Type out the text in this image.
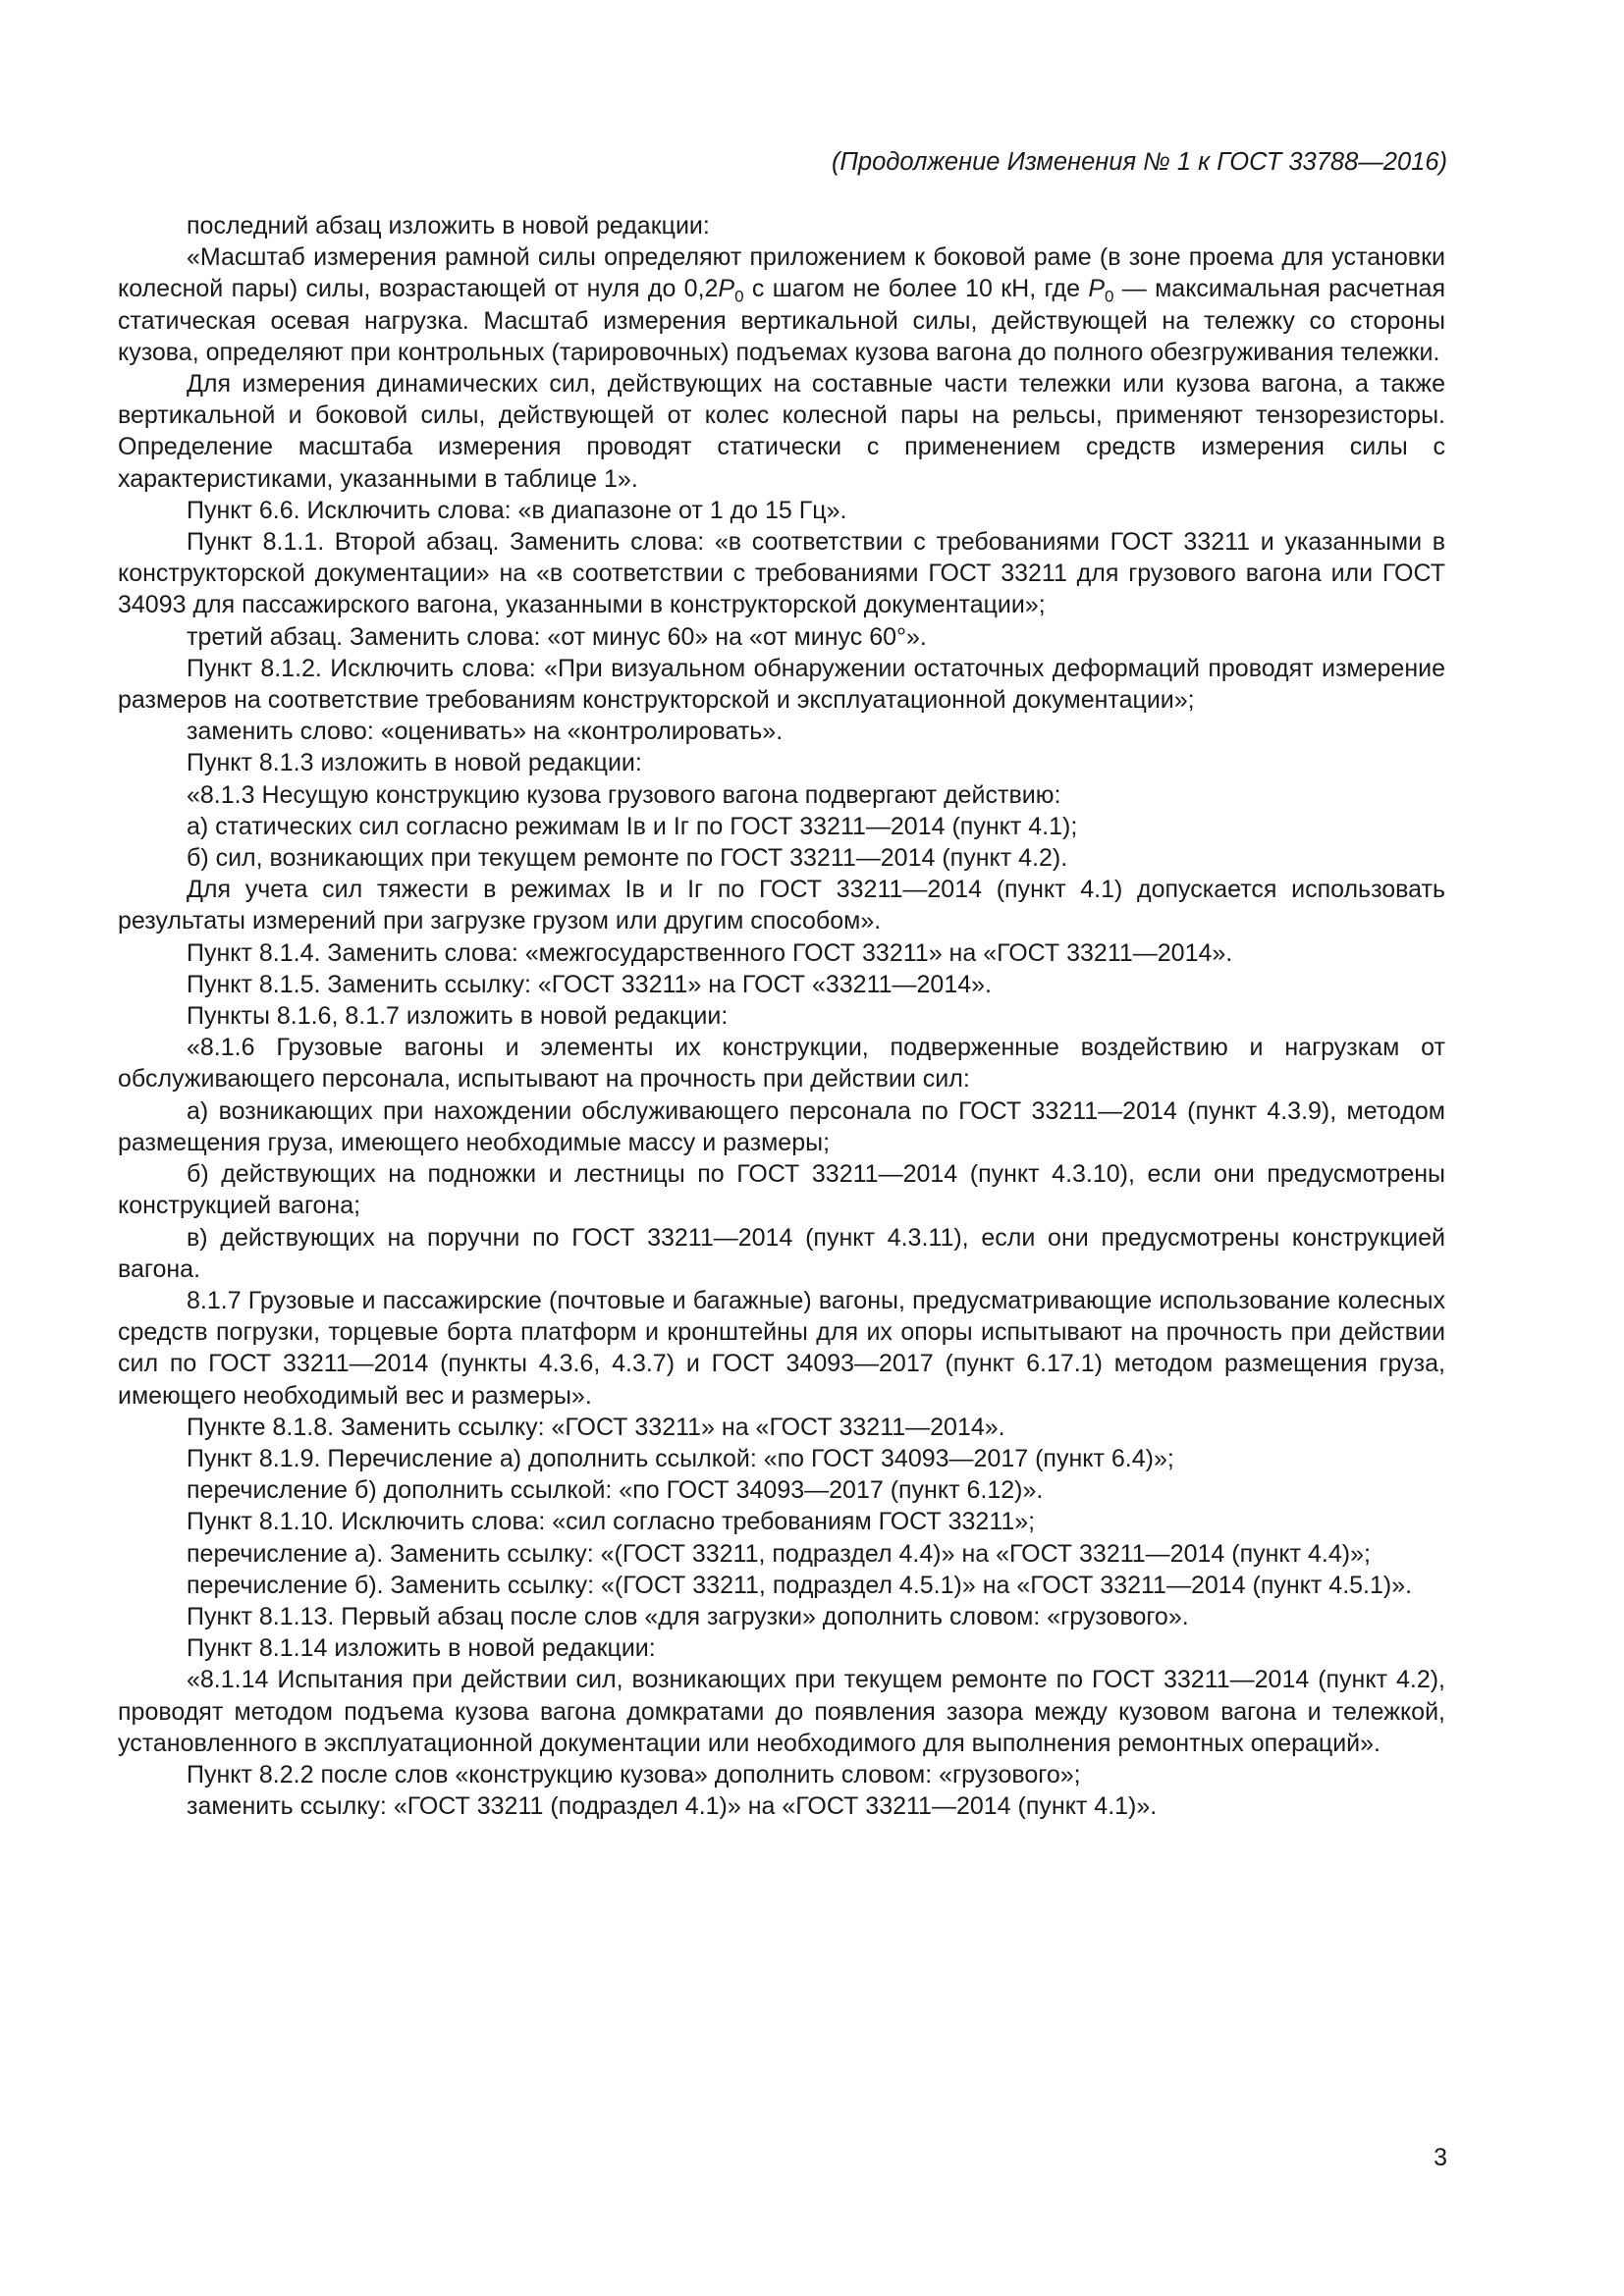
(Продолжение Изменения № 1 к ГОСТ 33788—2016)

последний абзац изложить в новой редакции:

«Масштаб измерения рамной силы определяют приложением к боковой раме (в зоне проема для установки колесной пары) силы, возрастающей от нуля до $0,2P_0$ с шагом не более 10 кН, где $P_0$ — максимальная расчетная статическая осевая нагрузка. Масштаб измерения вертикальной силы, действующей на тележку со стороны кузова, определяют при контрольных (тарировочных) подъемах кузова вагона до полного обезгруживания тележки.

Для измерения динамических сил, действующих на составные части тележки или кузова вагона, а также вертикальной и боковой силы, действующей от колес колесной пары на рельсы, применяют тензорезисторы. Определение масштаба измерения проводят статически с применением средств измерения силы с характеристиками, указанными в таблице 1».

Пункт 6.6. Исключить слова: «в диапазоне от 1 до 15 Гц».

Пункт 8.1.1. Второй абзац. Заменить слова: «в соответствии с требованиями ГОСТ 33211 и указанными в конструкторской документации» на «в соответствии с требованиями ГОСТ 33211 для грузового вагона или ГОСТ 34093 для пассажирского вагона, указанными в конструкторской документации»;

третий абзац. Заменить слова: «от минус 60» на «от минус 60°».

Пункт 8.1.2. Исключить слова: «При визуальном обнаружении остаточных деформаций проводят измерение размеров на соответствие требованиям конструкторской и эксплуатационной документации»;

заменить слово: «оценивать» на «контролировать».

Пункт 8.1.3 изложить в новой редакции:

«8.1.3 Несущую конструкцию кузова грузового вагона подвергают действию:

а) статических сил согласно режимам Iв и Iг по ГОСТ 33211—2014 (пункт 4.1);

б) сил, возникающих при текущем ремонте по ГОСТ 33211—2014 (пункт 4.2).

Для учета сил тяжести в режимах Iв и Iг по ГОСТ 33211—2014 (пункт 4.1) допускается использовать результаты измерений при загрузке грузом или другим способом».

Пункт 8.1.4. Заменить слова: «межгосударственного ГОСТ 33211» на «ГОСТ 33211—2014».

Пункт 8.1.5. Заменить ссылку: «ГОСТ 33211» на ГОСТ «33211—2014».

Пункты 8.1.6, 8.1.7 изложить в новой редакции:

«8.1.6 Грузовые вагоны и элементы их конструкции, подверженные воздействию и нагрузкам от обслуживающего персонала, испытывают на прочность при действии сил:

а) возникающих при нахождении обслуживающего персонала по ГОСТ 33211—2014 (пункт 4.3.9), методом размещения груза, имеющего необходимые массу и размеры;

б) действующих на подножки и лестницы по ГОСТ 33211—2014 (пункт 4.3.10), если они предусмотрены конструкцией вагона;

в) действующих на поручни по ГОСТ 33211—2014 (пункт 4.3.11), если они предусмотрены конструкцией вагона.

8.1.7 Грузовые и пассажирские (почтовые и багажные) вагоны, предусматривающие использование колесных средств погрузки, торцевые борта платформ и кронштейны для их опоры испытывают на прочность при действии сил по ГОСТ 33211—2014 (пункты 4.3.6, 4.3.7) и ГОСТ 34093—2017 (пункт 6.17.1) методом размещения груза, имеющего необходимый вес и размеры».

Пункте 8.1.8. Заменить ссылку: «ГОСТ 33211» на «ГОСТ 33211—2014».

Пункт 8.1.9. Перечисление а) дополнить ссылкой: «по ГОСТ 34093—2017 (пункт 6.4)»;

перечисление б) дополнить ссылкой: «по ГОСТ 34093—2017 (пункт 6.12)».

Пункт 8.1.10. Исключить слова: «сил согласно требованиям ГОСТ 33211»;

перечисление а). Заменить ссылку: «(ГОСТ 33211, подраздел 4.4)» на «ГОСТ 33211—2014 (пункт 4.4)»;

перечисление б). Заменить ссылку: «(ГОСТ 33211, подраздел 4.5.1)» на «ГОСТ 33211—2014 (пункт 4.5.1)».

Пункт 8.1.13. Первый абзац после слов «для загрузки» дополнить словом: «грузового».

Пункт 8.1.14 изложить в новой редакции:

«8.1.14 Испытания при действии сил, возникающих при текущем ремонте по ГОСТ 33211—2014 (пункт 4.2), проводят методом подъема кузова вагона домкратами до появления зазора между кузовом вагона и тележкой, установленного в эксплуатационной документации или необходимого для выполнения ремонтных операций».

Пункт 8.2.2 после слов «конструкцию кузова» дополнить словом: «грузового»;

заменить ссылку: «ГОСТ 33211 (подраздел 4.1)» на «ГОСТ 33211—2014 (пункт 4.1)».

3
